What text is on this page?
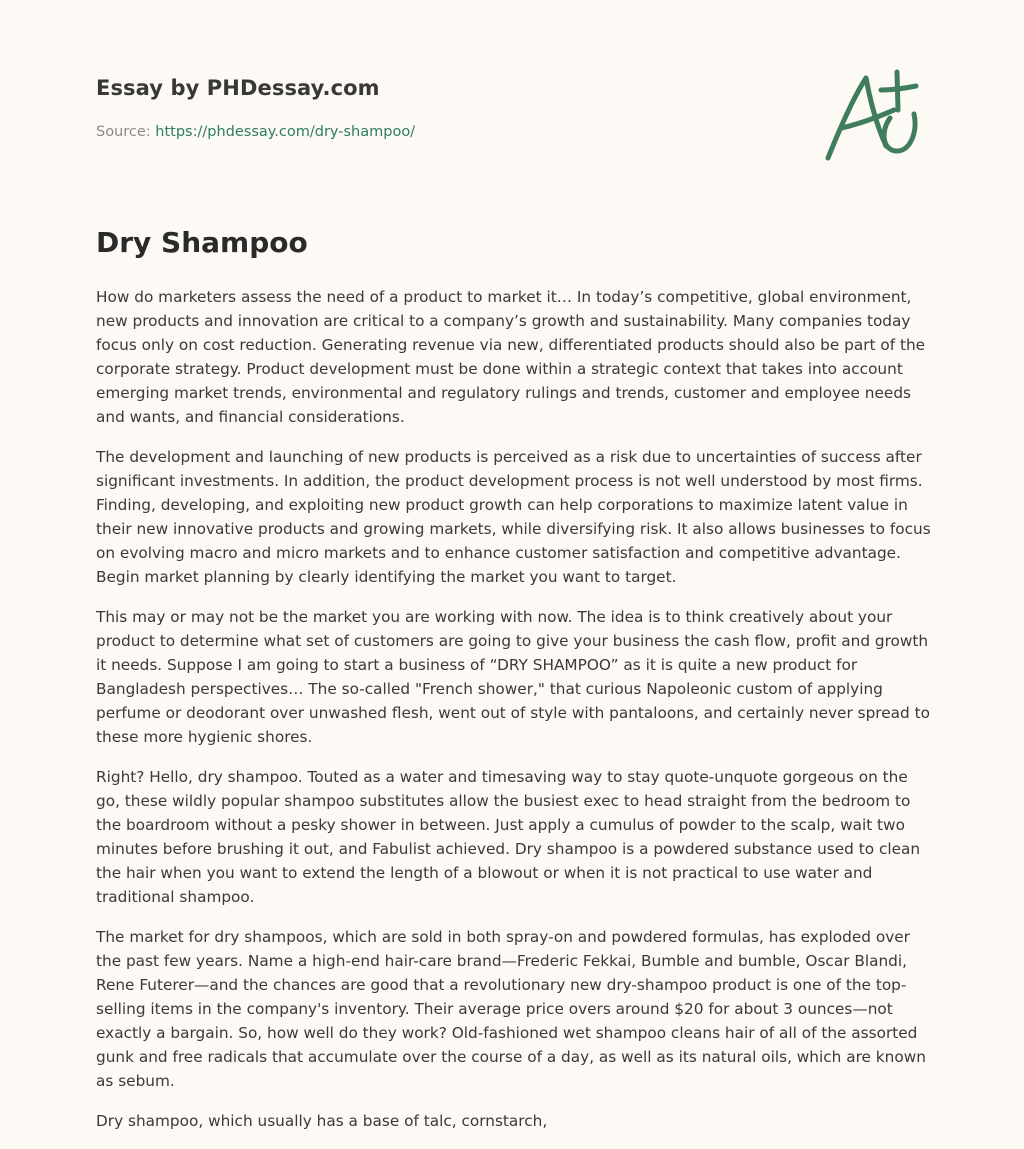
Essay by PHDessay.com
Source: https://phdessay.com/dry-shampoo/
Dry Shampoo

How do marketers assess the need of a product to market it… In today’s competitive, global environment, new products and innovation are critical to a company’s growth and sustainability. Many companies today focus only on cost reduction. Generating revenue via new, differentiated products should also be part of the corporate strategy. Product development must be done within a strategic context that takes into account emerging market trends, environmental and regulatory rulings and trends, customer and employee needs and wants, and financial considerations.

The development and launching of new products is perceived as a risk due to uncertainties of success after significant investments. In addition, the product development process is not well understood by most firms. Finding, developing, and exploiting new product growth can help corporations to maximize latent value in their new innovative products and growing markets, while diversifying risk. It also allows businesses to focus on evolving macro and micro markets and to enhance customer satisfaction and competitive advantage. Begin market planning by clearly identifying the market you want to target.

This may or may not be the market you are working with now. The idea is to think creatively about your product to determine what set of customers are going to give your business the cash flow, profit and growth it needs. Suppose I am going to start a business of “DRY SHAMPOO” as it is quite a new product for Bangladesh perspectives… The so-called "French shower," that curious Napoleonic custom of applying perfume or deodorant over unwashed flesh, went out of style with pantaloons, and certainly never spread to these more hygienic shores.

Right? Hello, dry shampoo. Touted as a water and timesaving way to stay quote-unquote gorgeous on the go, these wildly popular shampoo substitutes allow the busiest exec to head straight from the bedroom to the boardroom without a pesky shower in between. Just apply a cumulus of powder to the scalp, wait two minutes before brushing it out, and Fabulist achieved. Dry shampoo is a powdered substance used to clean the hair when you want to extend the length of a blowout or when it is not practical to use water and traditional shampoo.

The market for dry shampoos, which are sold in both spray-on and powdered formulas, has exploded over the past few years. Name a high-end hair-care brand—Frederic Fekkai, Bumble and bumble, Oscar Blandi, Rene Futerer—and the chances are good that a revolutionary new dry-shampoo product is one of the top-selling items in the company's inventory. Their average price overs around $20 for about 3 ounces—not exactly a bargain. So, how well do they work? Old-fashioned wet shampoo cleans hair of all of the assorted gunk and free radicals that accumulate over the course of a day, as well as its natural oils, which are known as sebum.

Dry shampoo, which usually has a base of talc, cornstarch,
